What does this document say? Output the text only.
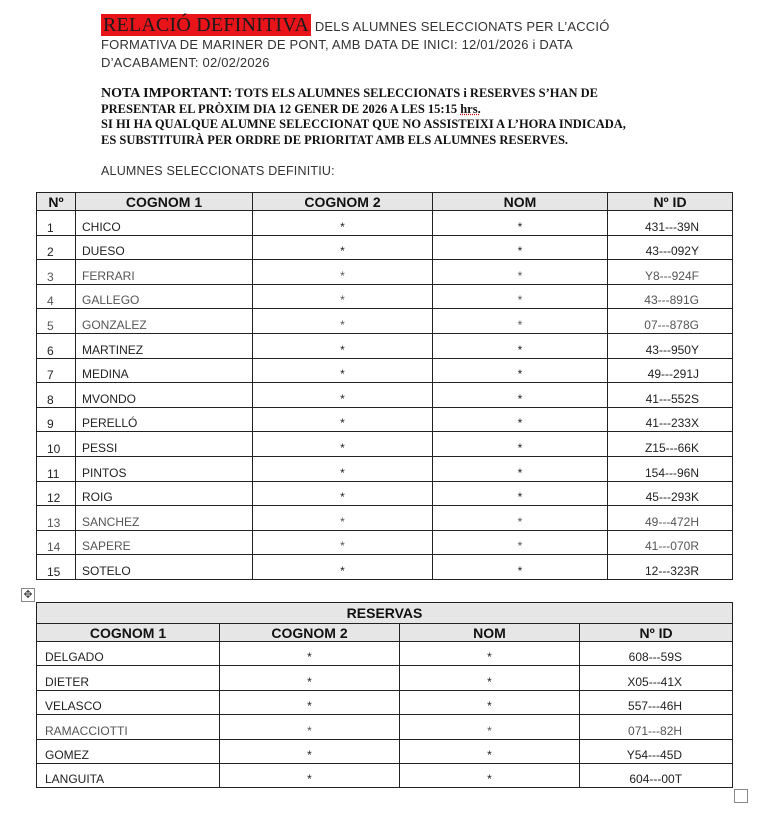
RELACIÓ DEFINITIVA DELS ALUMNES SELECCIONATS PER L’ACCIÓ
FORMATIVA DE MARINER DE PONT, AMB DATA DE INICI: 12/01/2026 i DATA
D’ACABAMENT: 02/02/2026
NOTA IMPORTANT: TOTS ELS ALUMNES SELECCIONATS i RESERVES S’HAN DE
PRESENTAR EL PRÒXIM DIA 12 GENER DE 2026 A LES 15:15 hrs.
SI HI HA QUALQUE ALUMNE SELECCIONAT QUE NO ASSISTEIXI A L’HORA INDICADA,
ES SUBSTITUIRÀ PER ORDRE DE PRIORITAT AMB ELS ALUMNES RESERVES.
ALUMNES SELECCIONATS DEFINITIU:
Nº	COGNOM 1	COGNOM 2	NOM	Nº ID
1	CHICO	*	*	431---39N
2	DUESO	*	*	43---092Y
3	FERRARI	*	*	Y8---924F
4	GALLEGO	*	*	43---891G
5	GONZALEZ	*	*	07---878G
6	MARTINEZ	*	*	43---950Y
7	MEDINA	*	*	49---291J
8	MVONDO	*	*	41---552S
9	PERELLÓ	*	*	41---233X
10	PESSI	*	*	Z15---66K
11	PINTOS	*	*	154---96N
12	ROIG	*	*	45---293K
13	SANCHEZ	*	*	49---472H
14	SAPERE	*	*	41---070R
15	SOTELO	*	*	12---323R
✥
RESERVAS			
COGNOM 1	COGNOM 2	NOM	Nº ID
DELGADO	*	*	608---59S
DIETER	*	*	X05---41X
VELASCO	*	*	557---46H
RAMACCIOTTI	*	*	071---82H
GOMEZ	*	*	Y54---45D
LANGUITA	*	*	604---00T
